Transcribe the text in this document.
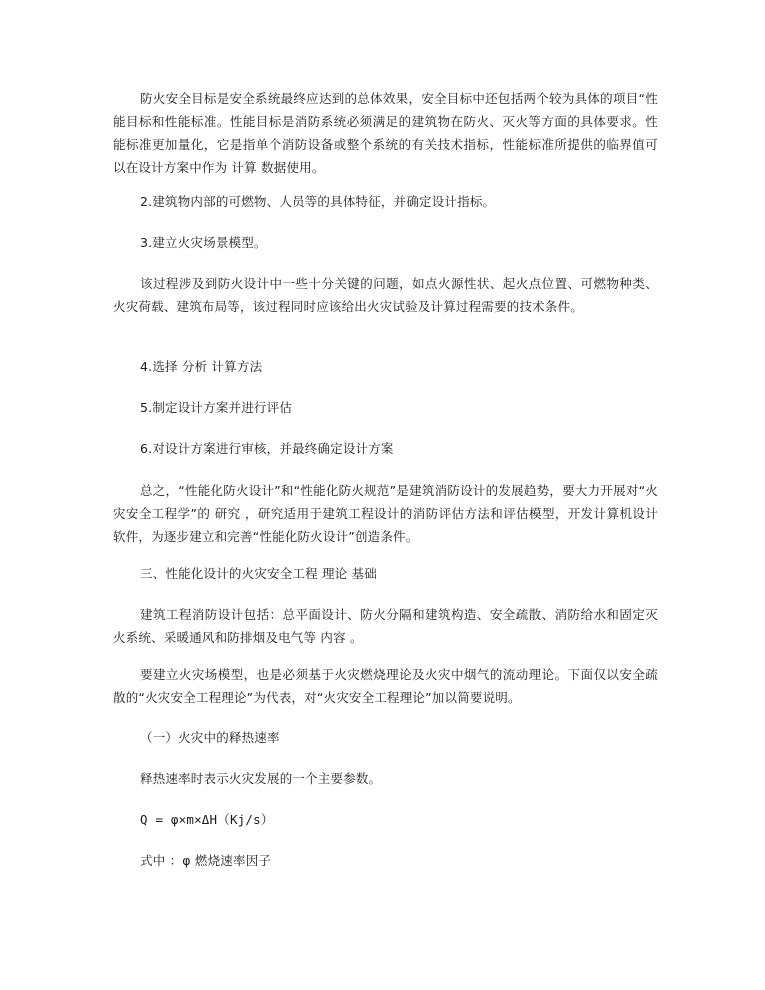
防火安全目标是安全系统最终应达到的总体效果，安全目标中还包括两个较为具体的项目“性能目标和性能标准。性能目标是消防系统必须满足的建筑物在防火、灭火等方面的具体要求。性能标准更加量化，它是指单个消防设备或整个系统的有关技术指标，性能标准所提供的临界值可以在设计方案中作为 计算 数据使用。

2.建筑物内部的可燃物、人员等的具体特征，并确定设计指标。

3.建立火灾场景模型。

该过程涉及到防火设计中一些十分关键的问题，如点火源性状、起火点位置、可燃物种类、火灾荷载、建筑布局等，该过程同时应该给出火灾试验及计算过程需要的技术条件。

4.选择 分析 计算方法

5.制定设计方案并进行评估

6.对设计方案进行审核，并最终确定设计方案

总之，“性能化防火设计”和“性能化防火规范”是建筑消防设计的发展趋势，要大力开展对“火灾安全工程学”的 研究 ，研究适用于建筑工程设计的消防评估方法和评估模型，开发计算机设计软件，为逐步建立和完善“性能化防火设计”创造条件。

三、性能化设计的火灾安全工程 理论 基础

建筑工程消防设计包括：总平面设计、防火分隔和建筑构造、安全疏散、消防给水和固定灭火系统、采暖通风和防排烟及电气等 内容 。

要建立火灾场模型，也是必须基于火灾燃烧理论及火灾中烟气的流动理论。下面仅以安全疏散的“火灾安全工程理论”为代表，对“火灾安全工程理论”加以简要说明。

（一）火灾中的释热速率

释热速率时表示火灾发展的一个主要参数。

Q = φ×m×ΔH（Kj/s）

式中 ：φ 燃烧速率因子
